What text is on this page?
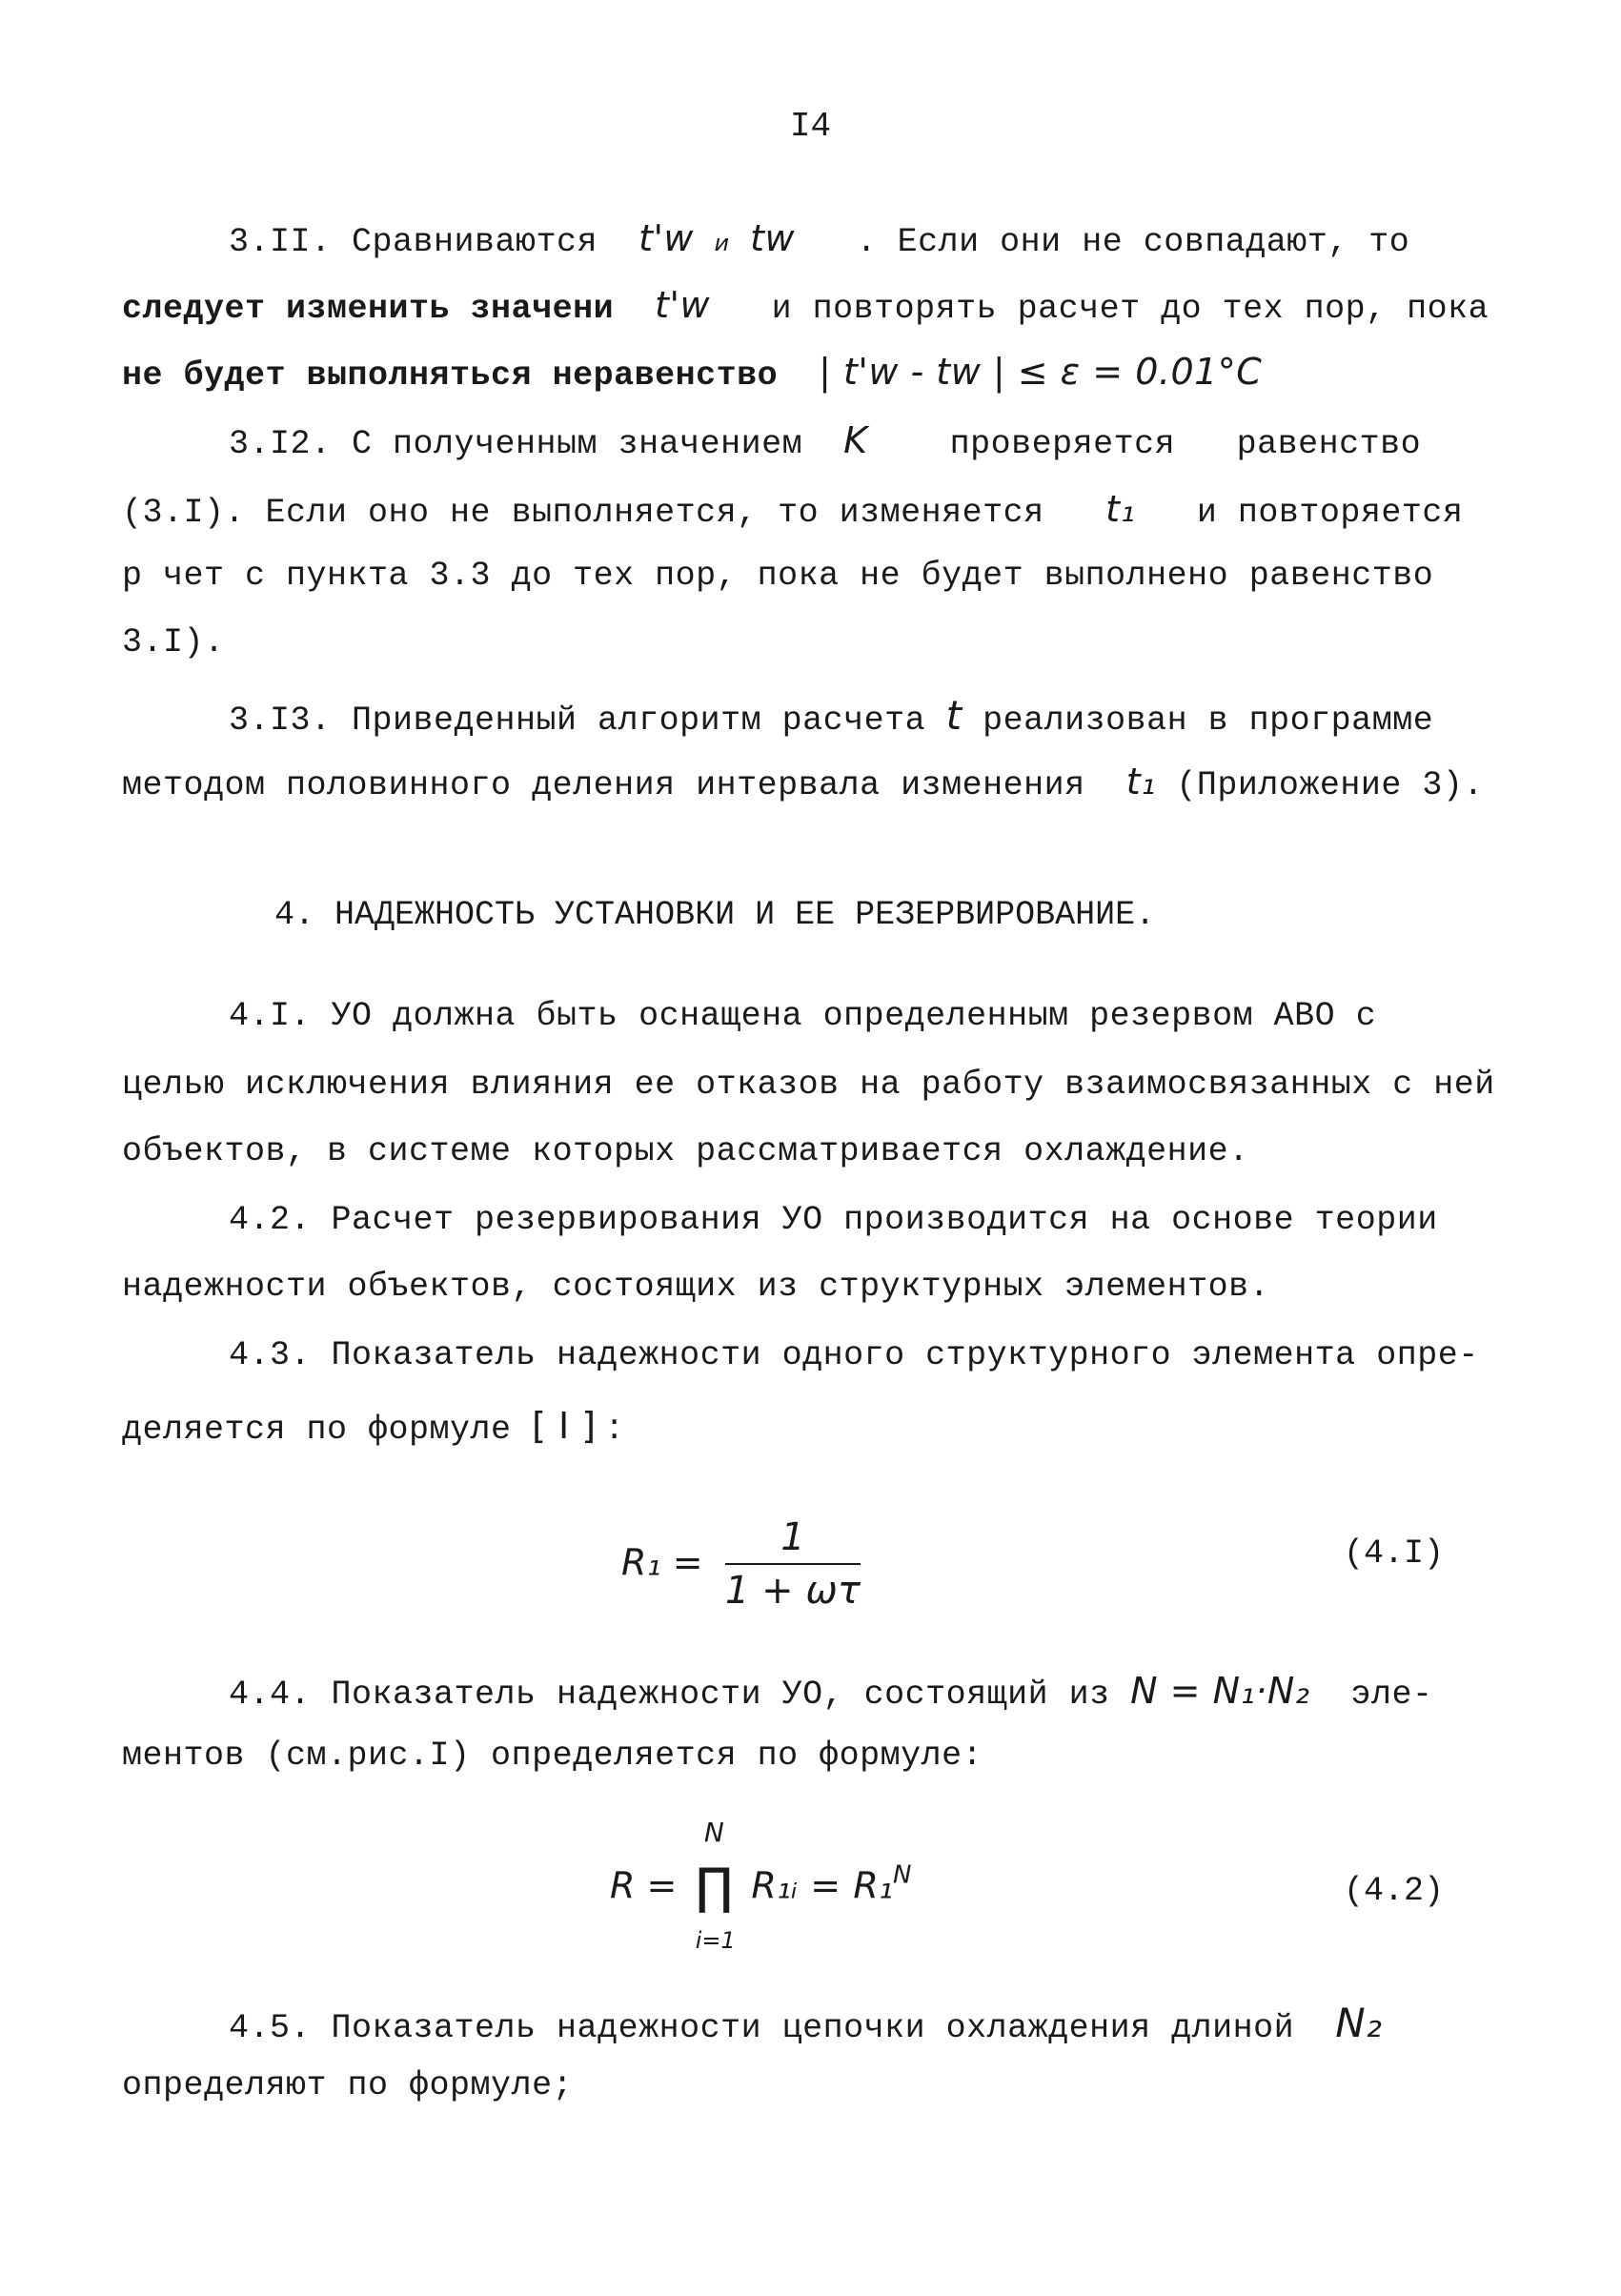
I4
3.II. Сравниваются t'w и tw . Если они не совпадают, то
следует изменить значени t'w и повторять расчет до тех пор, пока
не будет выполняться неравенство | t'w - tw | ≤ ε = 0.01°C
3.I2. С полученным значением K проверяется   равенство
(3.I). Если оно не выполняется, то изменяется t₁ и повторяется
р чет с пункта 3.3 до тех пор, пока не будет выполнено равенство
3.I).
3.I3. Приведенный алгоритм расчета t реализован в программе
методом половинного деления интервала изменения t₁ (Приложение 3).
4. НАДЕЖНОСТЬ УСТАНОВКИ И ЕЕ РЕЗЕРВИРОВАНИЕ.
4.I. УО должна быть оснащена определенным резервом АВО с
целью исключения влияния ее отказов на работу взаимосвязанных с ней
объектов, в системе которых рассматривается охлаждение.
4.2. Расчет резервирования УО производится на основе теории
надежности объектов, состоящих из структурных элементов.
4.3. Показатель надежности одного структурного элемента опре-
деляется по формуле [ I ] :
$R_1 = \frac{1}{1 + \omega\tau}$	(4.I)
4.4. Показатель надежности УО, состоящий из N = N₁·N₂ эле-
ментов (см.рис.I) определяется по формуле:
R =
N
∏
i=1
R₁ᵢ = R₁$^N$	(4.2)
4.5. Показатель надежности цепочки охлаждения длиной N₂
определяют по формуле;
